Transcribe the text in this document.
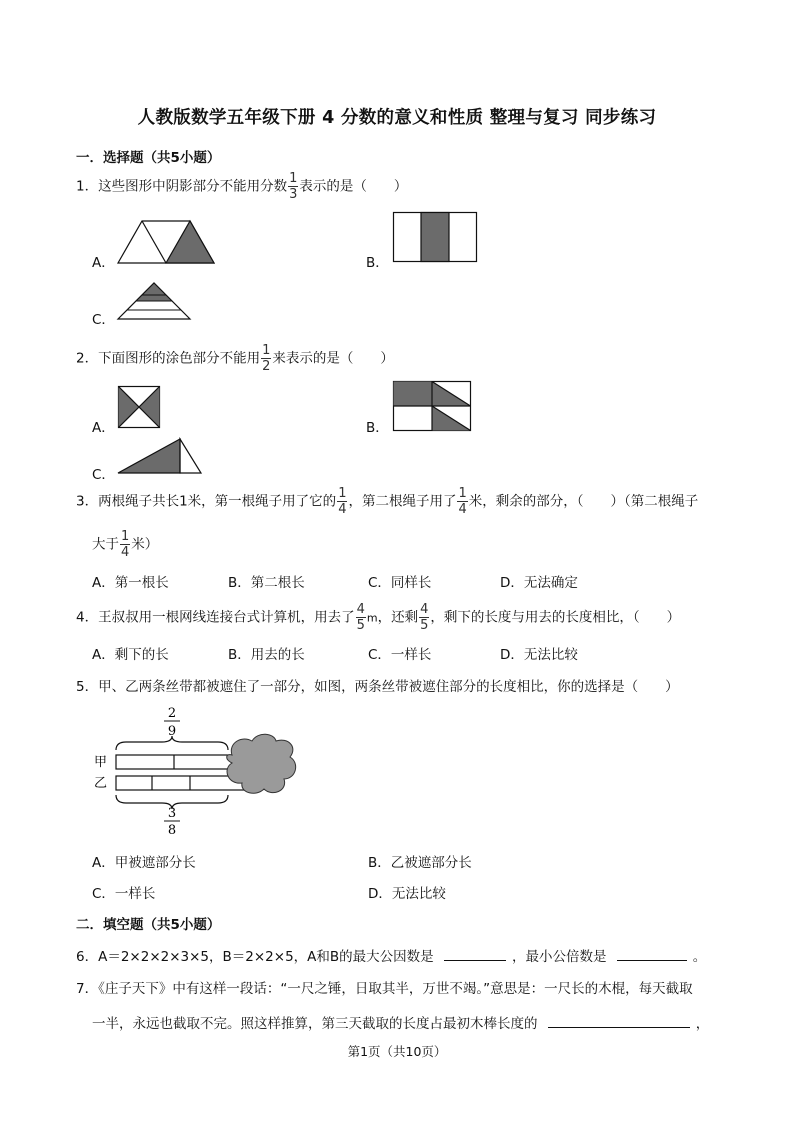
人教版数学五年级下册 4 分数的意义和性质 整理与复习 同步练习
一．选择题（共5小题）
1．这些图形中阴影部分不能用分数 $\frac{1}{3}$ 表示的是（　　）
A．	B．
C．
2．下面图形的涂色部分不能用 $\frac{1}{2}$ 来表示的是（　　）
A．	B．
C．
3．两根绳子共长1米，第一根绳子用了它的 $\frac{1}{4}$ ，第二根绳子用了 $\frac{1}{4}$ 米，剩余的部分，（　　）（第二根绳子
大于 $\frac{1}{4}$ 米）
A．第一根长	B．第二根长	C．同样长	D．无法确定
4．王叔叔用一根网线连接台式计算机，用去了 $\frac{4}{5}$ m，还剩 $\frac{4}{5}$ ，剩下的长度与用去的长度相比，（　　）
A．剩下的长	B．用去的长	C．一样长	D．无法比较
5．甲、乙两条丝带都被遮住了一部分，如图，两条丝带被遮住部分的长度相比，你的选择是（　　）
2
9
甲
乙
3
8
A．甲被遮部分长	B．乙被遮部分长
C．一样长	D．无法比较
二．填空题（共5小题）
6．A＝2×2×2×3×5，B＝2×2×5，A和B的最大公因数是	，最小公倍数是	。
7．《庄子天下》中有这样一段话：“一尺之锤，日取其半，万世不竭。”意思是：一尺长的木棍，每天截取
一半，永远也截取不完。照这样推算，第三天截取的长度占最初木棒长度的	，
第1页（共10页）
